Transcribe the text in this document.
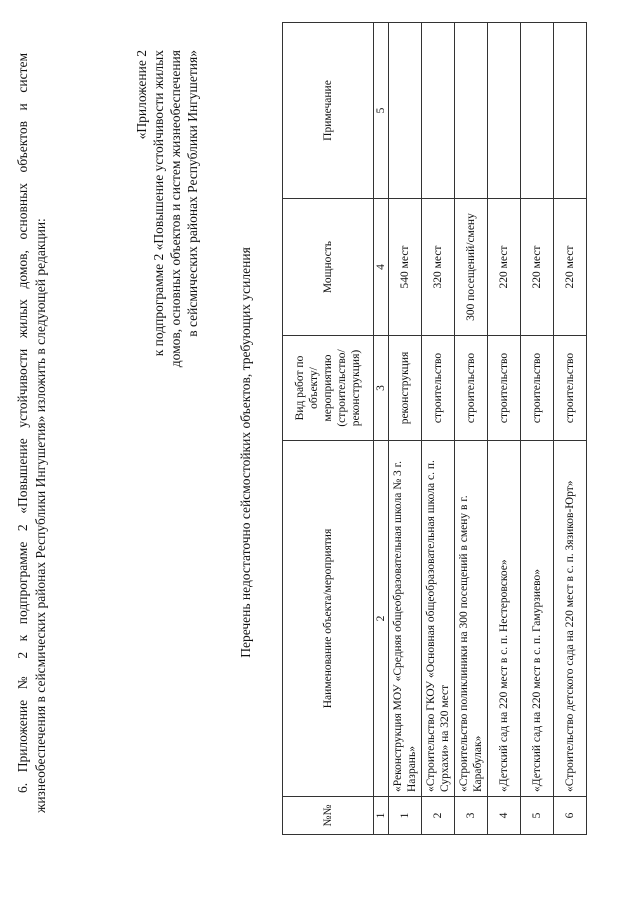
6. Приложение № 2 к подпрограмме 2 «Повышение устойчивости жилых домов, основных объектов и систем жизнеобеспечения в сейсмических районах Республики Ингушетия» изложить в следующей редакции:
«Приложение 2 к подпрограмме 2 «Повышение устойчивости жилых домов, основных объектов и систем жизнеобеспечения в сейсмических районах Республики Ингушетия»
Перечень недостаточно сейсмостойких объектов, требующих усиления
№№	Наименование объекта/мероприятия	Вид работ по объекту/ мероприятию (строительство/ реконструкция)	Мощность	Примечание
1	2	3	4	5
1	«Реконструкция МОУ «Средняя общеобразовательная школа № 3 г. Назрань»	реконструкция	540 мест	
2	«Строительство ГКОУ «Основная общеобразовательная школа с. п. Сурхахи» на 320 мест	строительство	320 мест	
3	«Строительство поликлиники на 300 посещений в смену в г. Карабулак»	строительство	300 посещений/смену	
4	«Детский сад на 220 мест в с. п. Нестеровское»	строительство	220 мест	
5	«Детский сад на 220 мест в с. п. Гамурзиево»	строительство	220 мест	
6	«Строительство детского сада на 220 мест в с. п. Зязиков-Юрт»	строительство	220 мест	
